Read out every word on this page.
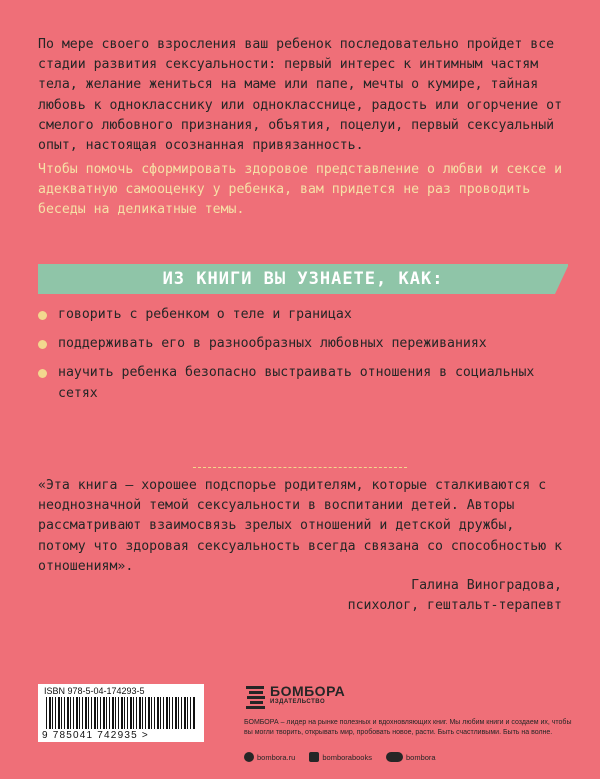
По мере своего взросления ваш ребенок последовательно пройдет все стадии развития сексуальности: первый интерес к интимным частям тела, желание жениться на маме или папе, мечты о кумире, тайная любовь к однокласснику или однокласснице, радость или огорчение от смелого любовного признания, объятия, поцелуи, первый сексуальный опыт, настоящая осознанная привязанность.

Чтобы помочь сформировать здоровое представление о любви и сексе и адекватную самооценку у ребенка, вам придется не раз проводить беседы на деликатные темы.

ИЗ КНИГИ ВЫ УЗНАЕТЕ, КАК:
говорить с ребенком о теле и границах
поддерживать его в разнообразных любовных переживаниях
научить ребенка безопасно выстраивать отношения в социальных сетях

«Эта книга — хорошее подспорье родителям, которые сталкиваются с неоднозначной темой сексуальности в воспитании детей. Авторы рассматривают взаимосвязь зрелых отношений и детской дружбы, потому что здоровая сексуальность всегда связана со способностью к отношениям».

Галина Виноградова,
психолог, гештальт-терапевт
ISBN 978-5-04-174293-5
9 785041 742935 >
БОМБОРА
ИЗДАТЕЛЬСТВО

БОМБОРА – лидер на рынке полезных и вдохновляющих книг. Мы любим книги и создаем их, чтобы вы могли творить, открывать мир, пробовать новое, расти. Быть счастливыми. Быть на волне.

bombora.ru	bomborabooks	bombora
